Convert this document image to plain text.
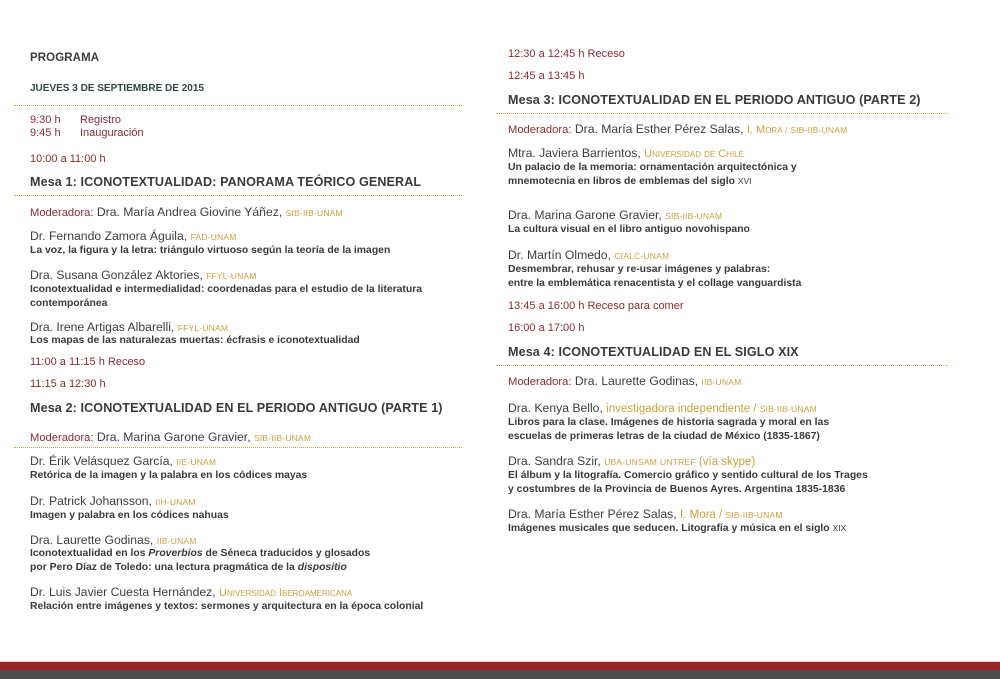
PROGRAMA
JUEVES 3 DE SEPTIEMBRE DE 2015
9:30 h Registro
9:45 h Inauguración
10:00 a 11:00 h
Mesa 1: ICONOTEXTUALIDAD: PANORAMA TEÓRICO GENERAL
Moderadora: Dra. María Andrea Giovine Yáñez, SIB-IIB-UNAM
Dr. Fernando Zamora Águila, FAD-UNAM
La voz, la figura y la letra: triángulo virtuoso según la teoría de la imagen
Dra. Susana González Aktories, FFYL-UNAM
Iconotextualidad e intermedialidad: coordenadas para el estudio de la literatura
contemporánea
Dra. Irene Artigas Albarelli, FFYL-UNAM
Los mapas de las naturalezas muertas: écfrasis e iconotextualidad
11:00 a 11:15 h Receso
11:15 a 12:30 h
Mesa 2: ICONOTEXTUALIDAD EN EL PERIODO ANTIGUO (PARTE 1)
Moderadora: Dra. Marina Garone Gravier, SIB-IIB-UNAM
Dr. Érik Velásquez García, IIE-UNAM
Retórica de la imagen y la palabra en los códices mayas
Dr. Patrick Johansson, IIH-UNAM
Imagen y palabra en los códices nahuas
Dra. Laurette Godinas, IIB-UNAM
Iconotextualidad en los Proverbios de Séneca traducidos y glosados
por Pero Díaz de Toledo: una lectura pragmática de la dispositio
Dr. Luis Javier Cuesta Hernández, Universidad Iberoamericana
Relación entre imágenes y textos: sermones y arquitectura en la época colonial
12:30 a 12:45 h Receso
12:45 a 13:45 h
Mesa 3: ICONOTEXTUALIDAD EN EL PERIODO ANTIGUO (PARTE 2)
Moderadora: Dra. María Esther Pérez Salas, I. Mora / SIB-IIB-UNAM
Mtra. Javiera Barrientos, Universidad de Chile
Un palacio de la memoria: ornamentación arquitectónica y
mnemotecnia en libros de emblemas del siglo XVI
Dra. Marina Garone Gravier, SIB-IIB-UNAM
La cultura visual en el libro antiguo novohispano
Dr. Martín Olmedo, CIALC-UNAM
Desmembrar, rehusar y re-usar imágenes y palabras:
entre la emblemática renacentista y el collage vanguardista
13:45 a 16:00 h Receso para comer
16:00 a 17:00 h
Mesa 4: ICONOTEXTUALIDAD EN EL SIGLO XIX
Moderadora: Dra. Laurette Godinas, IIB-UNAM
Dra. Kenya Bello, investigadora independiente / SIB-IIB-UNAM
Libros para la clase. Imágenes de historia sagrada y moral en las
escuelas de primeras letras de la ciudad de México (1835-1867)
Dra. Sandra Szir, UBA-UNSAM-UNTREF (vía skype)
El álbum y la litografía. Comercio gráfico y sentido cultural de los Trages
y costumbres de la Provincia de Buenos Ayres. Argentina 1835-1836
Dra. María Esther Pérez Salas, I. Mora / SIB-IIB-UNAM
Imágenes musicales que seducen. Litografía y música en el siglo XIX
